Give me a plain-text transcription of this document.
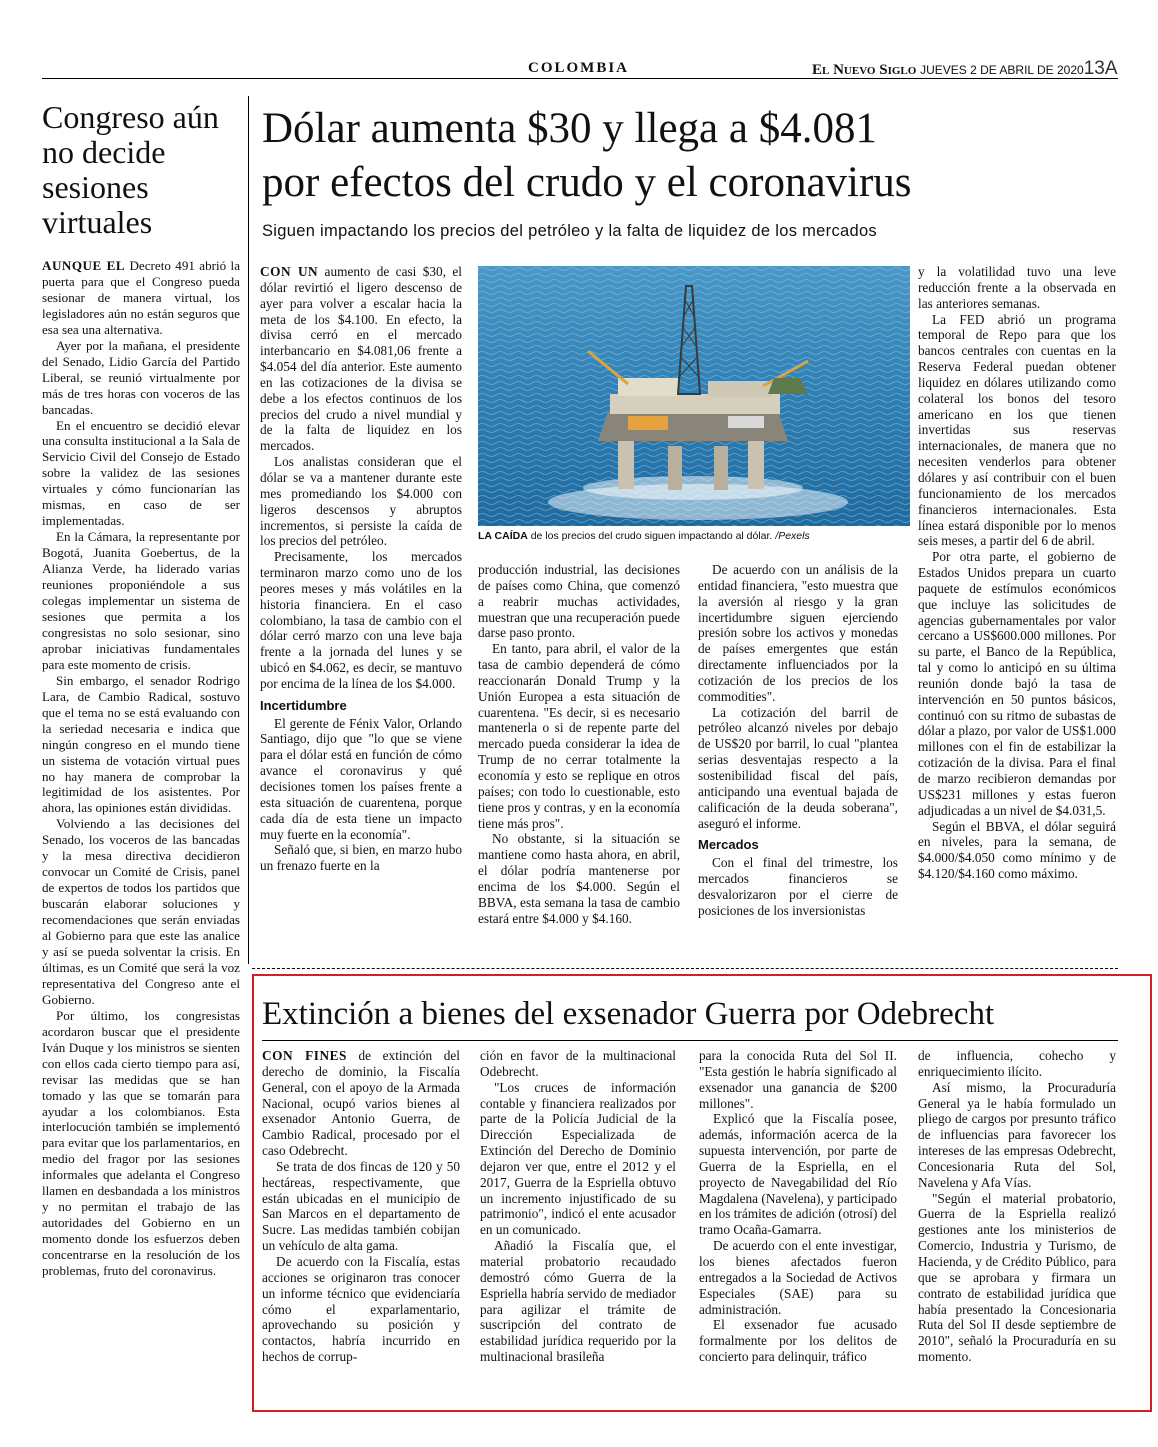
COLOMBIA	El Nuevo Siglo JUEVES 2 DE ABRIL DE 202013A
Congreso aún no decide sesiones virtuales

AUNQUE EL Decreto 491 abrió la puerta para que el Congreso pueda sesionar de manera virtual, los legisladores aún no están seguros que esa sea una alternativa.

Ayer por la mañana, el presidente del Senado, Lidio García del Partido Liberal, se reunió virtualmente por más de tres horas con voceros de las bancadas.

En el encuentro se decidió elevar una consulta institucional a la Sala de Servicio Civil del Consejo de Estado sobre la validez de las sesiones virtuales y cómo funcionarían las mismas, en caso de ser implementadas.

En la Cámara, la representante por Bogotá, Juanita Goebertus, de la Alianza Verde, ha liderado varias reuniones proponiéndole a sus colegas implementar un sistema de sesiones que permita a los congresistas no solo sesionar, sino aprobar iniciativas fundamentales para este momento de crisis.

Sin embargo, el senador Rodrigo Lara, de Cambio Radical, sostuvo que el tema no se está evaluando con la seriedad necesaria e indica que ningún congreso en el mundo tiene un sistema de votación virtual pues no hay manera de comprobar la legitimidad de los asistentes. Por ahora, las opiniones están divididas.

Volviendo a las decisiones del Senado, los voceros de las bancadas y la mesa directiva decidieron convocar un Comité de Crisis, panel de expertos de todos los partidos que buscarán elaborar soluciones y recomendaciones que serán enviadas al Gobierno para que este las analice y así se pueda solventar la crisis. En últimas, es un Comité que será la voz representativa del Congreso ante el Gobierno.

Por último, los congresistas acordaron buscar que el presidente Iván Duque y los ministros se sienten con ellos cada cierto tiempo para así, revisar las medidas que se han tomado y las que se tomarán para ayudar a los colombianos. Esta interlocución también se implementó para evitar que los parlamentarios, en medio del fragor por las sesiones informales que adelanta el Congreso llamen en desbandada a los ministros y no permitan el trabajo de las autoridades del Gobierno en un momento donde los esfuerzos deben concentrarse en la resolución de los problemas, fruto del coronavirus.

Dólar aumenta $30 y llega a $4.081
por efectos del crudo y el coronavirus
Siguen impactando los precios del petróleo y la falta de liquidez de los mercados
LA CAÍDA de los precios del crudo siguen impactando al dólar. /Pexels

CON UN aumento de casi $30, el dólar revirtió el ligero descenso de ayer para volver a escalar hacia la meta de los $4.100. En efecto, la divisa cerró en el mercado interbancario en $4.081,06 frente a $4.054 del día anterior. Este aumento en las cotizaciones de la divisa se debe a los efectos continuos de los precios del crudo a nivel mundial y de la falta de liquidez en los mercados.

Los analistas consideran que el dólar se va a mantener durante este mes promediando los $4.000 con ligeros descensos y abruptos incrementos, si persiste la caída de los precios del petróleo.

Precisamente, los mercados terminaron marzo como uno de los peores meses y más volátiles en la historia financiera. En el caso colombiano, la tasa de cambio con el dólar cerró marzo con una leve baja frente a la jornada del lunes y se ubicó en $4.062, es decir, se mantuvo por encima de la línea de los $4.000.

Incertidumbre

El gerente de Fénix Valor, Orlando Santiago, dijo que "lo que se viene para el dólar está en función de cómo avance el coronavirus y qué decisiones tomen los países frente a esta situación de cuarentena, porque cada día de esta tiene un impacto muy fuerte en la economía".

Señaló que, si bien, en marzo hubo un frenazo fuerte en la

producción industrial, las decisiones de países como China, que comenzó a reabrir muchas actividades, muestran que una recuperación puede darse paso pronto.

En tanto, para abril, el valor de la tasa de cambio dependerá de cómo reaccionarán Donald Trump y la Unión Europea a esta situación de cuarentena. "Es decir, si es necesario mantenerla o si de repente parte del mercado pueda considerar la idea de Trump de no cerrar totalmente la economía y esto se replique en otros países; con todo lo cuestionable, esto tiene pros y contras, y en la economía tiene más pros".

No obstante, si la situación se mantiene como hasta ahora, en abril, el dólar podría mantenerse por encima de los $4.000. Según el BBVA, esta semana la tasa de cambio estará entre $4.000 y $4.160.

De acuerdo con un análisis de la entidad financiera, "esto muestra que la aversión al riesgo y la gran incertidumbre siguen ejerciendo presión sobre los activos y monedas de países emergentes que están directamente influenciados por la cotización de los precios de los commodities".

La cotización del barril de petróleo alcanzó niveles por debajo de US$20 por barril, lo cual "plantea serias desventajas respecto a la sostenibilidad fiscal del país, anticipando una eventual bajada de calificación de la deuda soberana", aseguró el informe.

Mercados

Con el final del trimestre, los mercados financieros se desvalorizaron por el cierre de posiciones de los inversionistas

y la volatilidad tuvo una leve reducción frente a la observada en las anteriores semanas.

La FED abrió un programa temporal de Repo para que los bancos centrales con cuentas en la Reserva Federal puedan obtener liquidez en dólares utilizando como colateral los bonos del tesoro americano en los que tienen invertidas sus reservas internacionales, de manera que no necesiten venderlos para obtener dólares y así contribuir con el buen funcionamiento de los mercados financieros internacionales. Esta línea estará disponible por lo menos seis meses, a partir del 6 de abril.

Por otra parte, el gobierno de Estados Unidos prepara un cuarto paquete de estímulos económicos que incluye las solicitudes de agencias gubernamentales por valor cercano a US$600.000 millones. Por su parte, el Banco de la República, tal y como lo anticipó en su última reunión donde bajó la tasa de intervención en 50 puntos básicos, continuó con su ritmo de subastas de dólar a plazo, por valor de US$1.000 millones con el fin de estabilizar la cotización de la divisa. Para el final de marzo recibieron demandas por US$231 millones y estas fueron adjudicadas a un nivel de $4.031,5.

Según el BBVA, el dólar seguirá en niveles, para la semana, de $4.000/$4.050 como mínimo y de $4.120/$4.160 como máximo.

Extinción a bienes del exsenador Guerra por Odebrecht

CON FINES de extinción del derecho de dominio, la Fiscalía General, con el apoyo de la Armada Nacional, ocupó varios bienes al exsenador Antonio Guerra, de Cambio Radical, procesado por el caso Odebrecht.

Se trata de dos fincas de 120 y 50 hectáreas, respectivamente, que están ubicadas en el municipio de San Marcos en el departamento de Sucre. Las medidas también cobijan un vehículo de alta gama.

De acuerdo con la Fiscalía, estas acciones se originaron tras conocer un informe técnico que evidenciaría cómo el exparlamentario, aprovechando su posición y contactos, habría incurrido en hechos de corrup-

ción en favor de la multinacional Odebrecht.

"Los cruces de información contable y financiera realizados por parte de la Policía Judicial de la Dirección Especializada de Extinción del Derecho de Dominio dejaron ver que, entre el 2012 y el 2017, Guerra de la Espriella obtuvo un incremento injustificado de su patrimonio", indicó el ente acusador en un comunicado.

Añadió la Fiscalía que, el material probatorio recaudado demostró cómo Guerra de la Espriella habría servido de mediador para agilizar el trámite de suscripción del contrato de estabilidad jurídica requerido por la multinacional brasileña

para la conocida Ruta del Sol II. "Esta gestión le habría significado al exsenador una ganancia de $200 millones".

Explicó que la Fiscalía posee, además, información acerca de la supuesta intervención, por parte de Guerra de la Espriella, en el proyecto de Navegabilidad del Río Magdalena (Navelena), y participado en los trámites de adición (otrosí) del tramo Ocaña-Gamarra.

De acuerdo con el ente investigar, los bienes afectados fueron entregados a la Sociedad de Activos Especiales (SAE) para su administración.

El exsenador fue acusado formalmente por los delitos de concierto para delinquir, tráfico

de influencia, cohecho y enriquecimiento ilícito.

Así mismo, la Procuraduría General ya le había formulado un pliego de cargos por presunto tráfico de influencias para favorecer los intereses de las empresas Odebrecht, Concesionaria Ruta del Sol, Navelena y Afa Vías.

"Según el material probatorio, Guerra de la Espriella realizó gestiones ante los ministerios de Comercio, Industria y Turismo, de Hacienda, y de Crédito Público, para que se aprobara y firmara un contrato de estabilidad jurídica que había presentado la Concesionaria Ruta del Sol II desde septiembre de 2010", señaló la Procuraduría en su momento.
